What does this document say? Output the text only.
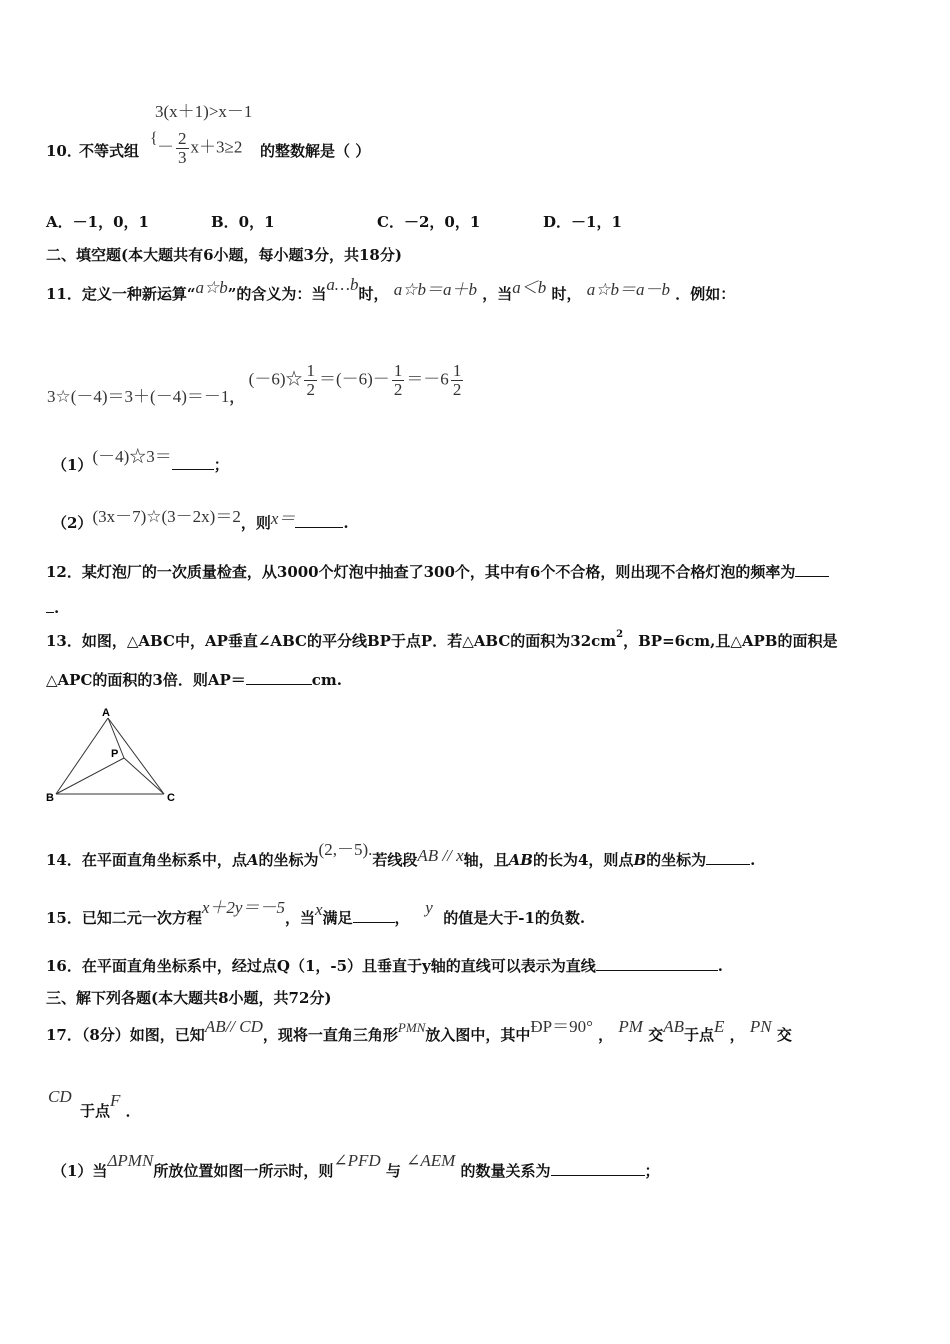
3(x＋1)>x－1
{
10．
不等式组 － $\frac{2}{3} x+3\ge 2$ 的整数解是（ ）
A．－1，0，1	B．0，1	C．－2，0，1	D．－1，1
二、填空题(本大题共有6小题，每小题3分，共18分)
11．定义一种新运算“a☆b”的含义为：当a…b时， a☆b＝a＋b ，当a＜b 时， a☆b＝a－b ．例如：
3☆(－4)＝3＋(－4)＝－1， (－6)☆ $\frac{1}{2} =(-6)- \frac{1}{2} =-6 \frac{1}{2}$
（1）(－4)☆3＝	；
（2）(3x－7)☆(3－2x)＝2，则x＝	.
12．某灯泡厂的一次质量检查，从3000个灯泡中抽查了300个，其中有6个不合格，则出现不合格灯泡的频率为
.
13．如图，△ABC中，AP垂直∠ABC的平分线BP于点P．若△ABC的面积为$32cm^2$，BP=6cm,且△APB的面积是
△APC的面积的3倍．则AP＝	cm.
A
B	C
P
14．在平面直角坐标系中，点A的坐标为(2,－5).若线段AB // x轴，且AB的长为4，则点B的坐标为	.
15．已知二元一次方程x＋2y＝－5，当x满足	，   y  的值是大于-1的负数.
16．在平面直角坐标系中，经过点Q（1，-5）且垂直于y轴的直线可以表示为直线	.
三、解下列各题(本大题共8小题，共72分)
17．（8分）如图，已知AB// CD，现将一直角三角形PMN放入图中，其中ÐP＝90° ， PM 交AB于点E ， PN 交
CD
于点F ．
（1）当ΔPMN所放位置如图一所示时，则∠PFD 与 ∠AEM 的数量关系为	；
